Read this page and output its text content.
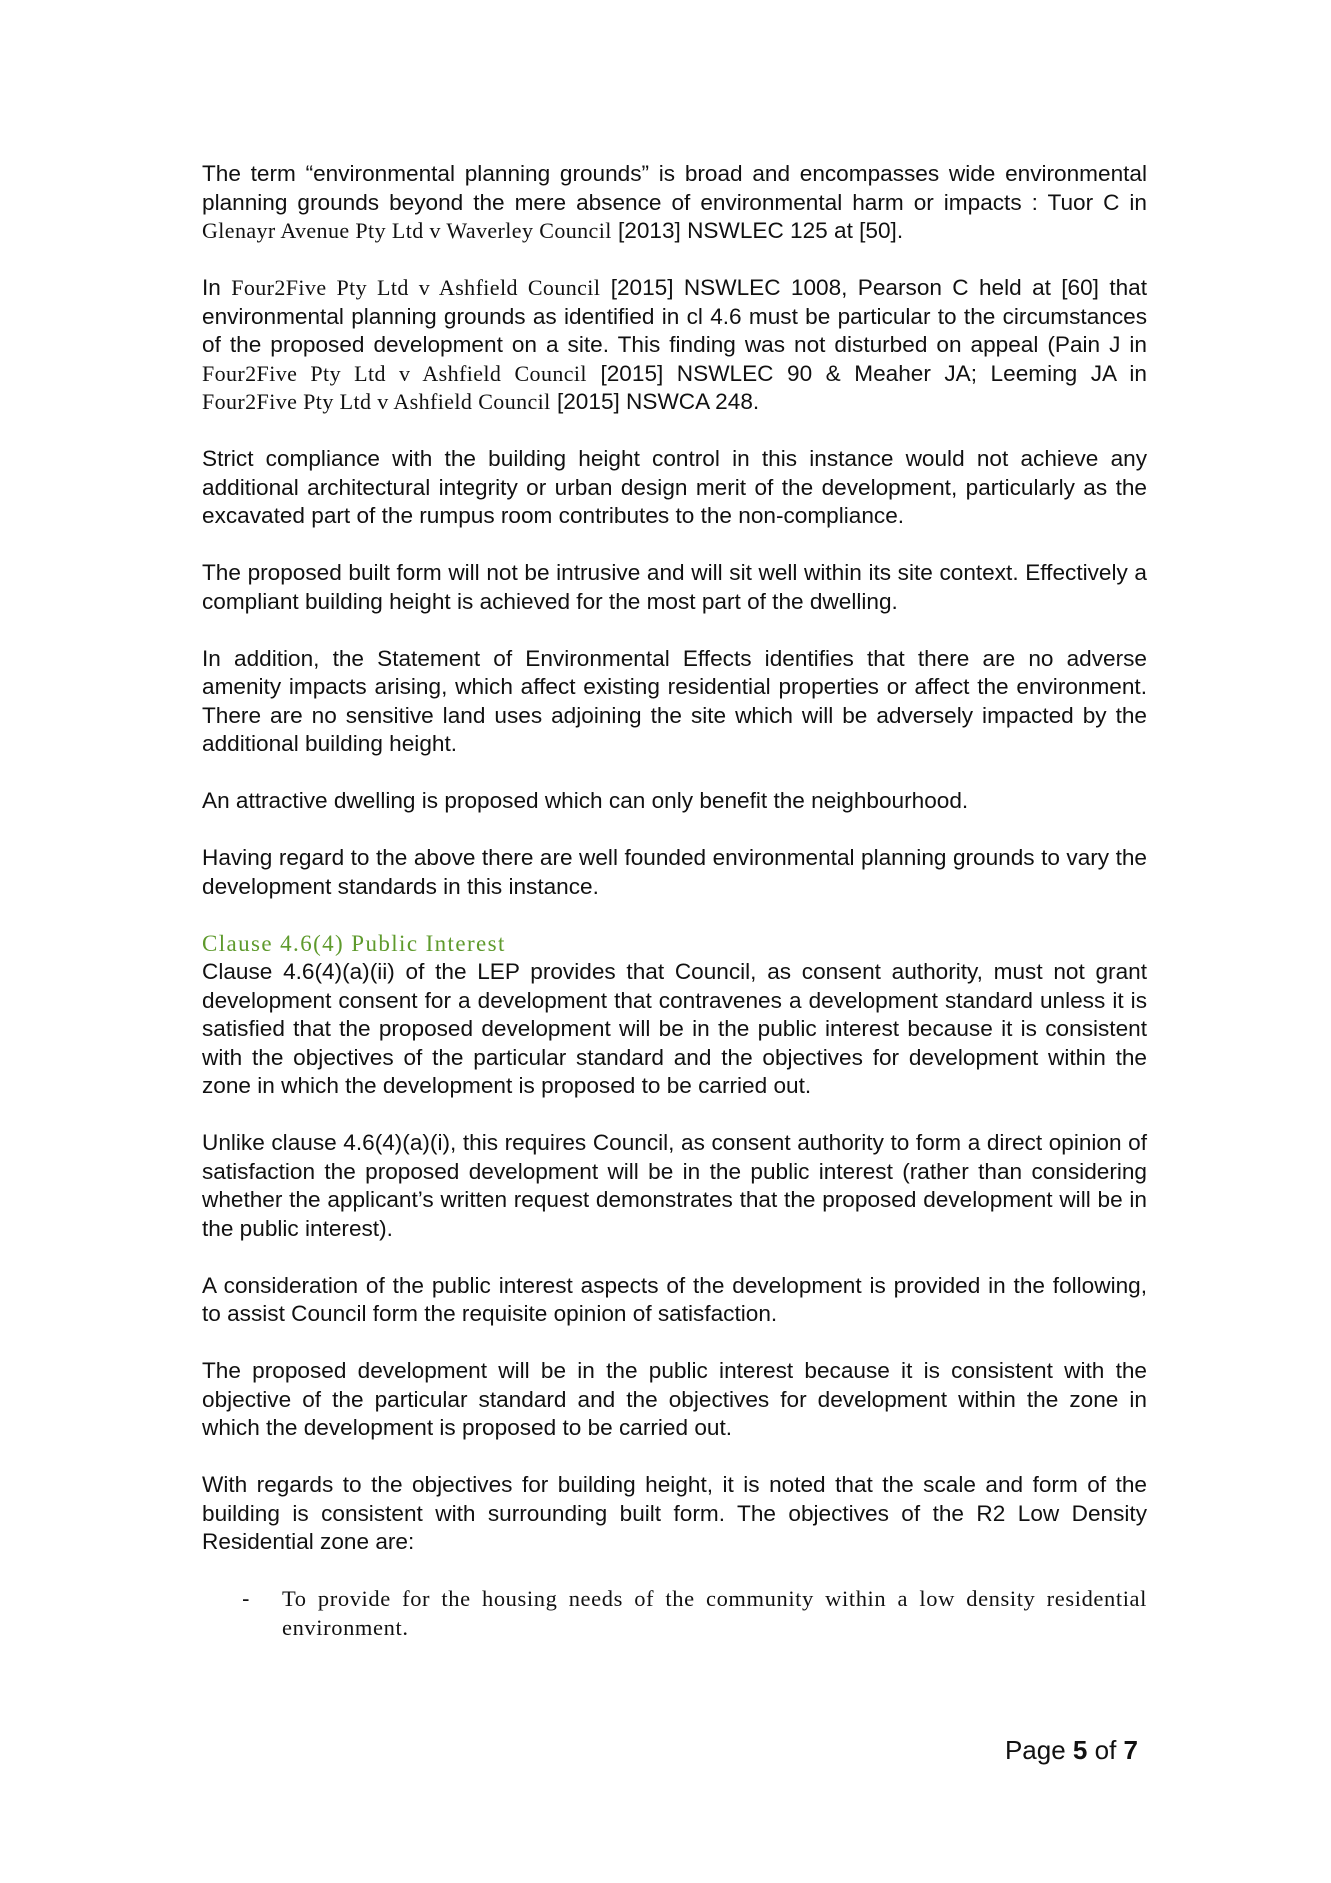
The term “environmental planning grounds” is broad and encompasses wide environmental planning grounds beyond the mere absence of environmental harm or impacts : Tuor C in Glenayr Avenue Pty Ltd v Waverley Council [2013] NSWLEC 125 at [50].

In Four2Five Pty Ltd v Ashfield Council [2015] NSWLEC 1008, Pearson C held at [60] that environmental planning grounds as identified in cl 4.6 must be particular to the circumstances of the proposed development on a site. This finding was not disturbed on appeal (Pain J in Four2Five Pty Ltd v Ashfield Council [2015] NSWLEC 90 & Meaher JA; Leeming JA in Four2Five Pty Ltd v Ashfield Council [2015] NSWCA 248.

Strict compliance with the building height control in this instance would not achieve any additional architectural integrity or urban design merit of the development, particularly as the excavated part of the rumpus room contributes to the non-compliance.

The proposed built form will not be intrusive and will sit well within its site context. Effectively a compliant building height is achieved for the most part of the dwelling.

In addition, the Statement of Environmental Effects identifies that there are no adverse amenity impacts arising, which affect existing residential properties or affect the environment. There are no sensitive land uses adjoining the site which will be adversely impacted by the additional building height.

An attractive dwelling is proposed which can only benefit the neighbourhood.

Having regard to the above there are well founded environmental planning grounds to vary the development standards in this instance.

Clause 4.6(4) Public Interest

Clause 4.6(4)(a)(ii) of the LEP provides that Council, as consent authority, must not grant development consent for a development that contravenes a development standard unless it is satisfied that the proposed development will be in the public interest because it is consistent with the objectives of the particular standard and the objectives for development within the zone in which the development is proposed to be carried out.

Unlike clause 4.6(4)(a)(i), this requires Council, as consent authority to form a direct opinion of satisfaction the proposed development will be in the public interest (rather than considering whether the applicant’s written request demonstrates that the proposed development will be in the public interest).

A consideration of the public interest aspects of the development is provided in the following, to assist Council form the requisite opinion of satisfaction.

The proposed development will be in the public interest because it is consistent with the objective of the particular standard and the objectives for development within the zone in which the development is proposed to be carried out.

With regards to the objectives for building height, it is noted that the scale and form of the building is consistent with surrounding built form. The objectives of the R2 Low Density Residential zone are:

- To provide for the housing needs of the community within a low density residential environment.
Page 5 of 7
